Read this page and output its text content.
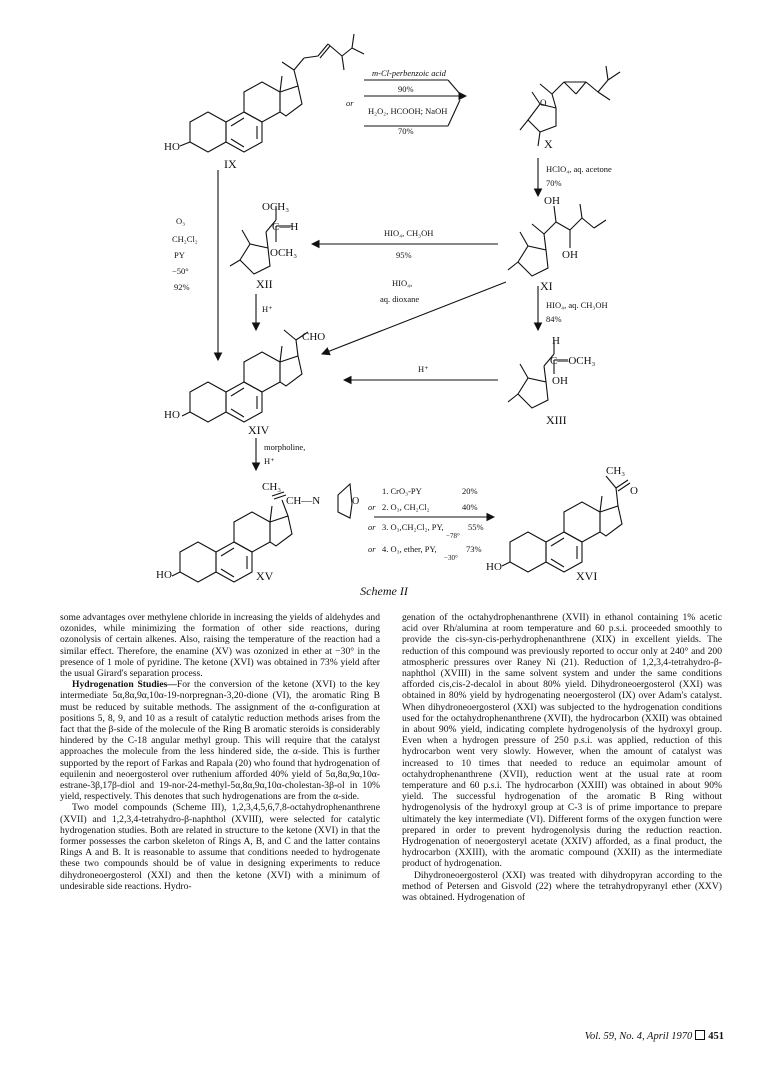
HO
O
OH
OH
OCH₃
C—H
OCH₃
H
C—OCH₃
OH
CHO
HO
CH₃
CH—N	O
HO
CH₃
O
HO
IX
X
XI
XII
XIII
XIV
XV	XVI
m-Cl-perbenzoic acid
or
90%
H₂O₂, HCOOH; NaOH
70%
HClO₄, aq. acetone
70%
HIO₄, CH₃OH
95%
HIO₄,
aq. dioxane
O₃
CH₂Cl₂
PY
−50°
92%
H⁺	HIO₄, aq. CH₃OH
84%
H⁺
morpholine,
H⁺
1. CrO₃-PY	20%
or 2. O₃, CH₂Cl₂	40%
or 3. O₃,CH₂Cl₂, PY,
−78°
55%
or 4. O₃, ether, PY,
−30°
73%
Scheme II

some advantages over methylene chloride in increasing the yields of aldehydes and ozonides, while minimizing the formation of other side reactions, during ozonolysis of certain alkenes. Also, raising the temperature of the reaction had a similar effect. Therefore, the enamine (XV) was ozonized in ether at −30° in the presence of 1 mole of pyridine. The ketone (XVI) was obtained in 73% yield after the usual Girard's separation process.

Hydrogenation Studies—For the conversion of the ketone (XVI) to the key intermediate 5α,8α,9α,10α-19-norpregnan-3,20-dione (VI), the aromatic Ring B must be reduced by suitable methods. The assignment of the α-configuration at positions 5, 8, 9, and 10 as a result of catalytic reduction methods arises from the fact that the β-side of the molecule of the Ring B aromatic steroids is considerably hindered by the C-18 angular methyl group. This will require that the catalyst approaches the molecule from the less hindered side, the α-side. This is further supported by the report of Farkas and Rapala (20) who found that hydrogenation of equilenin and neoergosterol over ruthenium afforded 40% yield of 5α,8α,9α,10α-estrane-3β,17β-diol and 19-nor-24-methyl-5α,8α,9α,10α-cholestan-3β-ol in 10% yield, respectively. This denotes that such hydrogenations are from the α-side.

Two model compounds (Scheme III), 1,2,3,4,5,6,7,8-octahydrophenanthrene (XVII) and 1,2,3,4-tetrahydro-β-naphthol (XVIII), were selected for catalytic hydrogenation studies. Both are related in structure to the ketone (XVI) in that the former possesses the carbon skeleton of Rings A, B, and C and the latter contains Rings A and B. It is reasonable to assume that conditions needed to hydrogenate these two compounds should be of value in designing experiments to reduce dihydroneoergosterol (XXI) and then the ketone (XVI) with a minimum of undesirable side reactions. Hydro-

genation of the octahydrophenanthrene (XVII) in ethanol containing 1% acetic acid over Rh/alumina at room temperature and 60 p.s.i. proceeded smoothly to provide the cis-syn-cis-perhydrophenanthrene (XIX) in excellent yields. The reduction of this compound was previously reported to occur only at 240° and 200 atmospheric pressures over Raney Ni (21). Reduction of 1,2,3,4-tetrahydro-β-naphthol (XVIII) in the same solvent system and under the same conditions afforded cis,cis-2-decalol in about 80% yield. Dihydroneoergosterol (XXI) was obtained in 80% yield by hydrogenating neoergosterol (IX) over Adam's catalyst. When dihydroneoergosterol (XXI) was subjected to the hydrogenation conditions used for the octahydrophenanthrene (XVII), the hydrocarbon (XXII) was obtained in about 90% yield, indicating complete hydrogenolysis of the hydroxyl group. Even when a hydrogen pressure of 250 p.s.i. was applied, reduction of this hydrocarbon went very slowly. However, when the amount of catalyst was increased to 10 times that needed to reduce an equimolar amount of octahydrophenanthrene (XVII), reduction went at the usual rate at room temperature and 60 p.s.i. The hydrocarbon (XXIII) was obtained in about 90% yield. The successful hydrogenation of the aromatic B Ring without hydrogenolysis of the hydroxyl group at C-3 is of prime importance to prepare ultimately the key intermediate (VI). Different forms of the oxygen function were prepared in order to prevent hydrogenolysis during the reduction reaction. Hydrogenation of neoergosteryl acetate (XXIV) afforded, as a final product, the hydrocarbon (XXIII), with the aromatic compound (XXII) as the intermediate product of hydrogenation.

Dihydroneoergosterol (XXI) was treated with dihydropyran according to the method of Petersen and Gisvold (22) where the tetrahydropyranyl ether (XXV) was obtained. Hydrogenation of

Vol. 59, No. 4, April 1970 451
